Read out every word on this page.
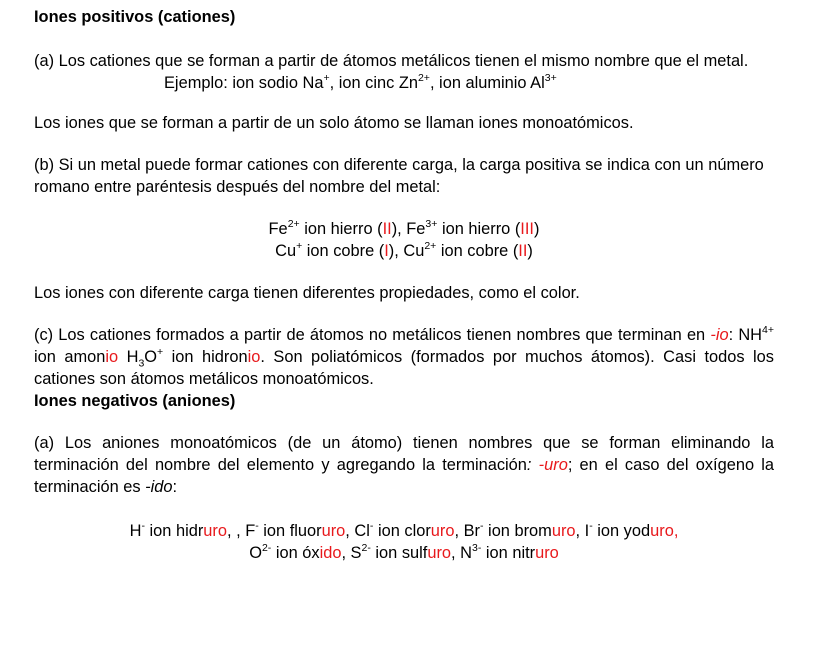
Iones positivos (cationes)

(a) Los cationes que se forman a partir de átomos metálicos tienen el mismo nombre que el metal.

Ejemplo: ion sodio Na+, ion cinc $Zn^{2+}$, ion aluminio $Al^{3+}$

Los iones que se forman a partir de un solo átomo se llaman iones monoatómicos.

(b) Si un metal puede formar cationes con diferente carga, la carga positiva se indica con un número romano entre paréntesis después del nombre del metal:

$Fe^{2+}$ ion hierro (II), $Fe^{3+}$ ion hierro (III)

Cu+ ion cobre (I), $Cu^{2+}$ ion cobre (II)

Los iones con diferente carga tienen diferentes propiedades, como el color.

(c) Los cationes formados a partir de átomos no metálicos tienen nombres que terminan en -io: $NH^{4+}$ ion amonio $H_3O^+$ ion hidronio. Son poliatómicos (formados por muchos átomos). Casi todos los cationes son átomos metálicos monoatómicos.

Iones negativos (aniones)

(a) Los aniones monoatómicos (de un átomo) tienen nombres que se forman eliminando la terminación del nombre del elemento y agregando la terminación: -uro; en el caso del oxígeno la terminación es -ido:

H- ion hidruro, , F- ion fluoruro, Cl- ion cloruro, Br- ion bromuro, I- ion yoduro,

$O^{2-}$ ion óxido, $S^{2-}$ ion sulfuro, $N^{3-}$ ion nitruro
